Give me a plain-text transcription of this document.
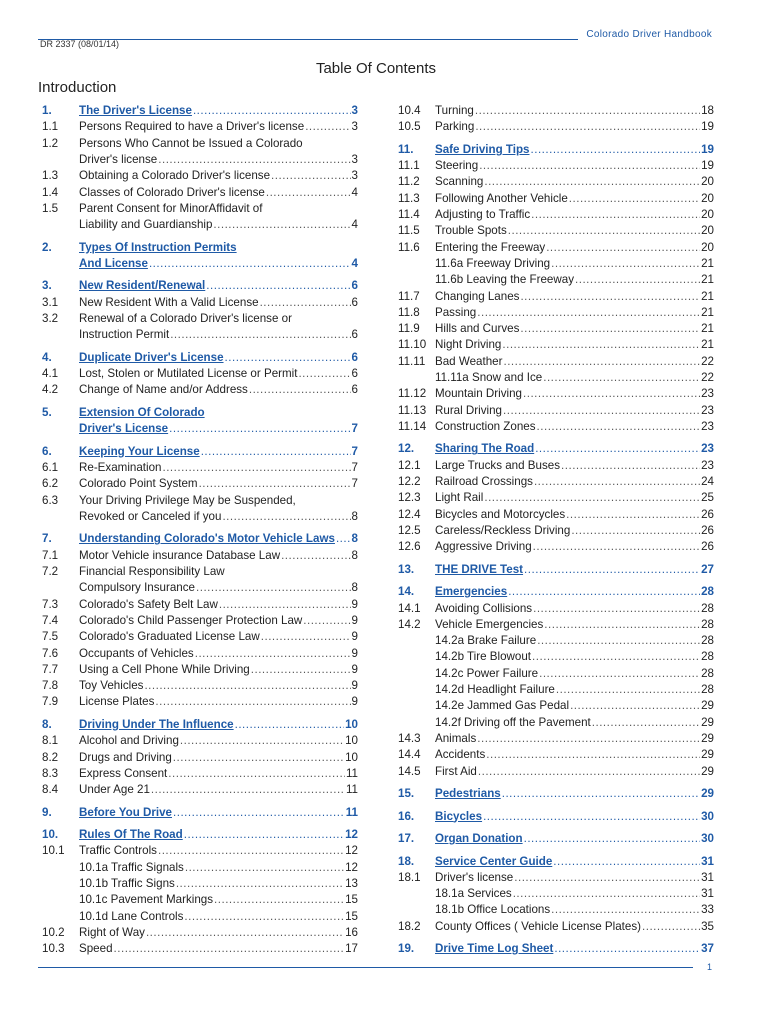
Colorado Driver Handbook
DR 2337 (08/01/14)
Table Of Contents
Introduction
1. The Driver's License .....	3
1.1 Persons Required to have a Driver's license .....	3
1.2 Persons Who Cannot be Issued a Colorado
Driver's license .....	3
1.3 Obtaining a Colorado Driver's license .....	3
1.4 Classes of Colorado Driver's license .....	4
1.5 Parent Consent for MinorAffidavit of
Liability and Guardianship .....	4
2. Types Of Instruction Permits
And License .....	4
3. New Resident/Renewal .....	6
3.1 New Resident With a Valid License .....	6
3.2 Renewal of a Colorado Driver's license or
Instruction Permit .....	6
4. Duplicate Driver's License .....	6
4.1 Lost, Stolen or Mutilated License or Permit .....	6
4.2 Change of Name and/or Address .....	6
5. Extension Of Colorado
Driver's License .....	7
6. Keeping Your License .....	7
6.1 Re-Examination .....	7
6.2 Colorado Point System .....	7
6.3 Your Driving Privilege May be Suspended,
Revoked or Canceled if you .....	8
7. Understanding Colorado's Motor Vehicle Laws ..... 8
7.1 Motor Vehicle insurance Database Law .....	8
7.2 Financial Responsibility Law
Compulsory Insurance .....	8
7.3 Colorado's Safety Belt Law .....	9
7.4 Colorado's Child Passenger Protection Law .....	9
7.5 Colorado's Graduated License Law .....	9
7.6 Occupants of Vehicles .....	9
7.7 Using a Cell Phone While Driving .....	9
7.8 Toy Vehicles .....	9
7.9 License Plates .....	9
8. Driving Under The Influence .....	10
8.1 Alcohol and Driving .....	10
8.2 Drugs and Driving .....	10
8.3 Express Consent .....	11
8.4 Under Age 21 .....	11
9. Before You Drive .....	11
10. Rules Of The Road .....	12
10.1 Traffic Controls .....	12
10.1a Traffic Signals .....	12
10.1b Traffic Signs .....	13
10.1c Pavement Markings .....	15
10.1d Lane Controls .....	15
10.2 Right of Way .....	16
10.3 Speed .....	17
10.4 Turning .....	18
10.5 Parking .....	19
11. Safe Driving Tips .....	19
11.1 Steering .....	19
11.2 Scanning .....	20
11.3 Following Another Vehicle .....	20
11.4 Adjusting to Traffic .....	20
11.5 Trouble Spots .....	20
11.6 Entering the Freeway .....	20
11.6a Freeway Driving .....	21
11.6b Leaving the Freeway .....	21
11.7 Changing Lanes .....	21
11.8 Passing .....	21
11.9 Hills and Curves .....	21
11.10 Night Driving .....	21
11.11 Bad Weather .....	22
11.11a Snow and Ice .....	22
11.12 Mountain Driving .....	23
11.13 Rural Driving .....	23
11.14 Construction Zones .....	23
12. Sharing The Road .....	23
12.1 Large Trucks and Buses .....	23
12.2 Railroad Crossings .....	24
12.3 Light Rail .....	25
12.4 Bicycles and Motorcycles .....	26
12.5 Careless/Reckless Driving .....	26
12.6 Aggressive Driving .....	26
13. THE DRIVE Test .....	27
14. Emergencies .....	28
14.1 Avoiding Collisions .....	28
14.2 Vehicle Emergencies .....	28
14.2a Brake Failure .....	28
14.2b Tire Blowout .....	28
14.2c Power Failure .....	28
14.2d Headlight Failure .....	28
14.2e Jammed Gas Pedal .....	29
14.2f Driving off the Pavement .....	29
14.3 Animals .....	29
14.4 Accidents .....	29
14.5 First Aid .....	29
15. Pedestrians .....	29
16. Bicycles .....	30
17. Organ Donation .....	30
18. Service Center Guide .....	31
18.1 Driver's license .....	31
18.1a Services .....	31
18.1b Office Locations .....	33
18.2 County Offices ( Vehicle License Plates) .....	35
19. Drive Time Log Sheet .....	37
1
